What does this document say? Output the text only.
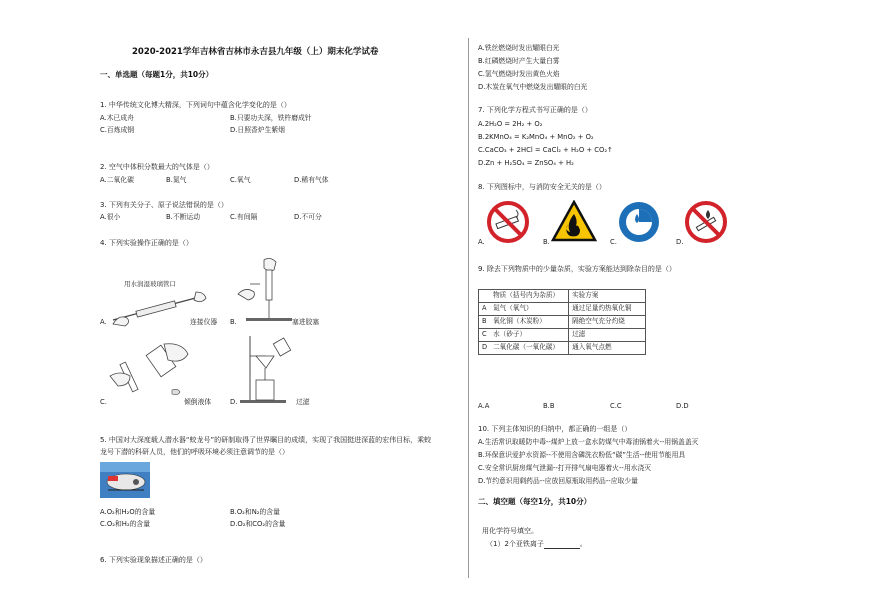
2020-2021学年吉林省吉林市永吉县九年级（上）期末化学试卷
一、单选题（每题1分，共10分）
1. 中华传统文化博大精深，下列词句中蕴含化学变化的是（）
A.木已成舟	B.只要功夫深，铁杵磨成针
C.百炼成钢	D.日照香炉生紫烟
2. 空气中体积分数最大的气体是（）
A.二氧化碳	B.氮气	C.氧气	D.稀有气体
3. 下列有关分子、原子说法错误的是（）
A.很小	B.不断运动	C.有间隔	D.不可分
4. 下列实验操作正确的是（）
用水润湿玻璃管口
A.	连接仪器 B.	塞进胶塞
C.	倾倒液体	D.	过滤
5. 中国对大深度载人潜水器“蛟龙号”的研制取得了世界瞩目的成绩，实现了我国挺进深蓝的宏伟目标，乘蛟
龙号下潜的科研人员，他们的呼吸环境必须注意调节的是（）
A.O₂和H₂O的含量	B.O₂和N₂的含量
C.O₂和H₂的含量	D.O₂和CO₂的含量
6. 下列实验现象描述正确的是（）
A.铁丝燃烧时发出耀眼白光
B.红磷燃烧时产生大量白雾
C.氢气燃烧时发出黄色火焰
D.木炭在氧气中燃烧发出耀眼的白光
7. 下列化学方程式书写正确的是（）
A.2H₂O = 2H₂ + O₂
B.2KMnO₄ = K₂MnO₄ + MnO₂ + O₂
C.CaCO₃ + 2HCl = CaCl₂ + H₂O + CO₂↑
D.Zn + H₂SO₄ = ZnSO₄ + H₂
8. 下列图标中，与消防安全无关的是（）
A.	B.	C.	D.
9. 除去下列物质中的少量杂质，实验方案能达到除杂目的是（）
	物质（括号内为杂质）	实验方案
A	氮气（氧气）	通过足量灼热氧化铜
B	氧化铜（木炭粉）	隔绝空气充分灼烧
C	水（砂子）	过滤
D	二氧化碳（一氧化碳）	通入氧气点燃
A.A	B.B	C.C	D.D
10. 下列主体知识的归纳中，都正确的一组是（）
A.生活常识取暖防中毒--煤炉上放一盒水防煤气中毒油锅着火--用锅盖盖灭
B.环保意识爱护水资源--不使用含磷洗衣粉低“碳”生活--使用节能用具
C.安全常识厨房煤气泄漏--打开排气扇电器着火--用水浇灭
D.节约意识用剩药品--应放回原瓶取用药品--应取少量
二、填空题（每空1分，共10分）
用化学符号填空。
（1）2个亚铁离子	。
